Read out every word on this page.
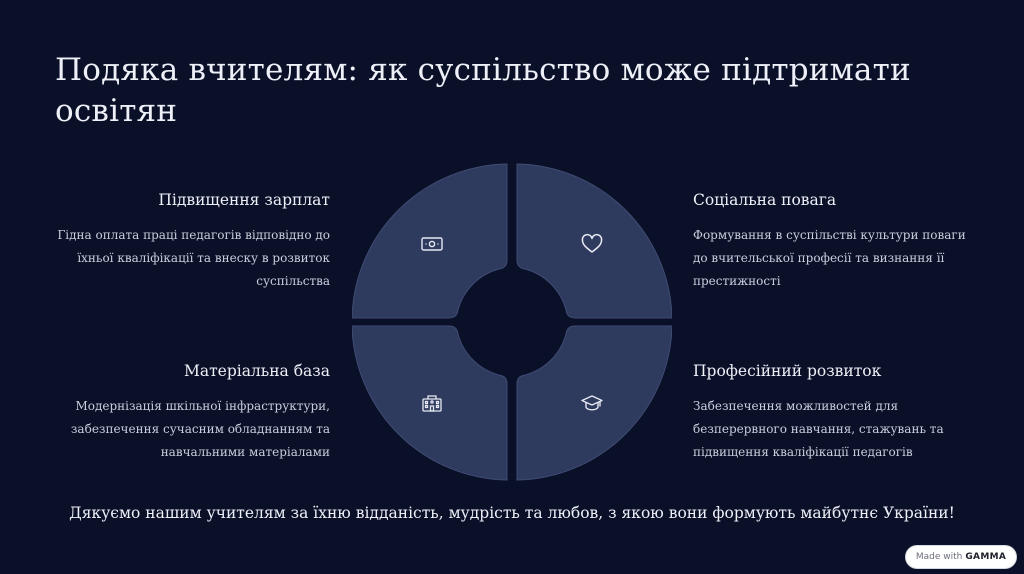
Подяка вчителям: як суспільство може підтримати освітян
Підвищення зарплат

Гідна оплата праці педагогів відповідно до їхньої кваліфікації та внеску в розвиток суспільства

Матеріальна база

Модернізація шкільної інфраструктури, забезпечення сучасним обладнанням та навчальними матеріалами

Соціальна повага

Формування в суспільстві культури поваги до вчительської професії та визнання її престижності

Професійний розвиток

Забезпечення можливостей для безперервного навчання, стажувань та підвищення кваліфікації педагогів

Дякуємо нашим учителям за їхню відданість, мудрість та любов, з якою вони формують майбутнє України!
Made with GAMMA
